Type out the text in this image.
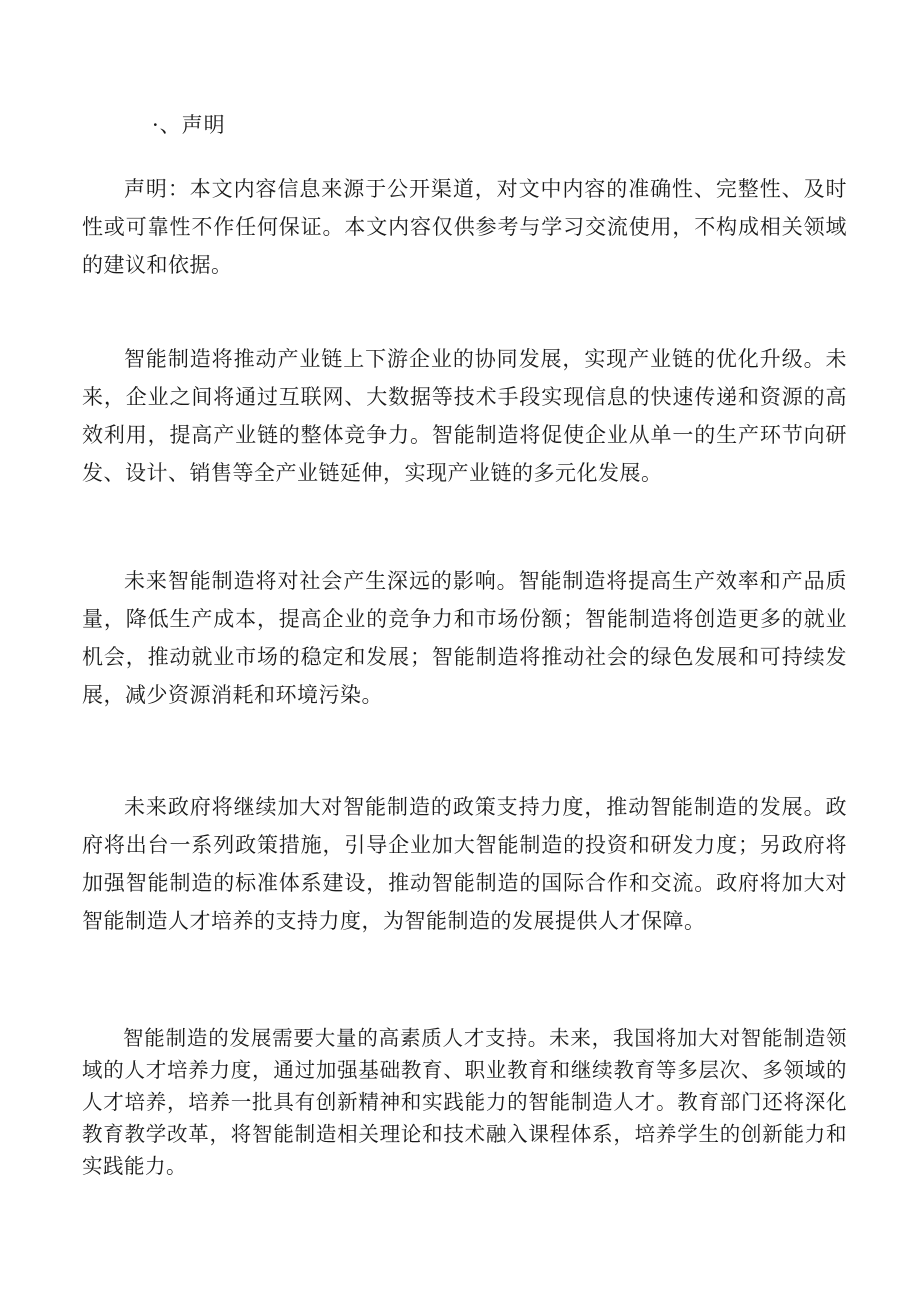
·、声明

声明：本文内容信息来源于公开渠道，对文中内容的准确性、完整性、及时性或可靠性不作任何保证。本文内容仅供参考与学习交流使用，不构成相关领域的建议和依据。

智能制造将推动产业链上下游企业的协同发展，实现产业链的优化升级。未来，企业之间将通过互联网、大数据等技术手段实现信息的快速传递和资源的高效利用，提高产业链的整体竞争力。智能制造将促使企业从单一的生产环节向研发、设计、销售等全产业链延伸，实现产业链的多元化发展。

未来智能制造将对社会产生深远的影响。智能制造将提高生产效率和产品质量，降低生产成本，提高企业的竞争力和市场份额；智能制造将创造更多的就业机会，推动就业市场的稳定和发展；智能制造将推动社会的绿色发展和可持续发展，减少资源消耗和环境污染。

未来政府将继续加大对智能制造的政策支持力度，推动智能制造的发展。政府将出台一系列政策措施，引导企业加大智能制造的投资和研发力度；另政府将加强智能制造的标准体系建设，推动智能制造的国际合作和交流。政府将加大对智能制造人才培养的支持力度，为智能制造的发展提供人才保障。

智能制造的发展需要大量的高素质人才支持。未来，我国将加大对智能制造领域的人才培养力度，通过加强基础教育、职业教育和继续教育等多层次、多领域的人才培养，培养一批具有创新精神和实践能力的智能制造人才。教育部门还将深化教育教学改革，将智能制造相关理论和技术融入课程体系，培养学生的创新能力和实践能力。
